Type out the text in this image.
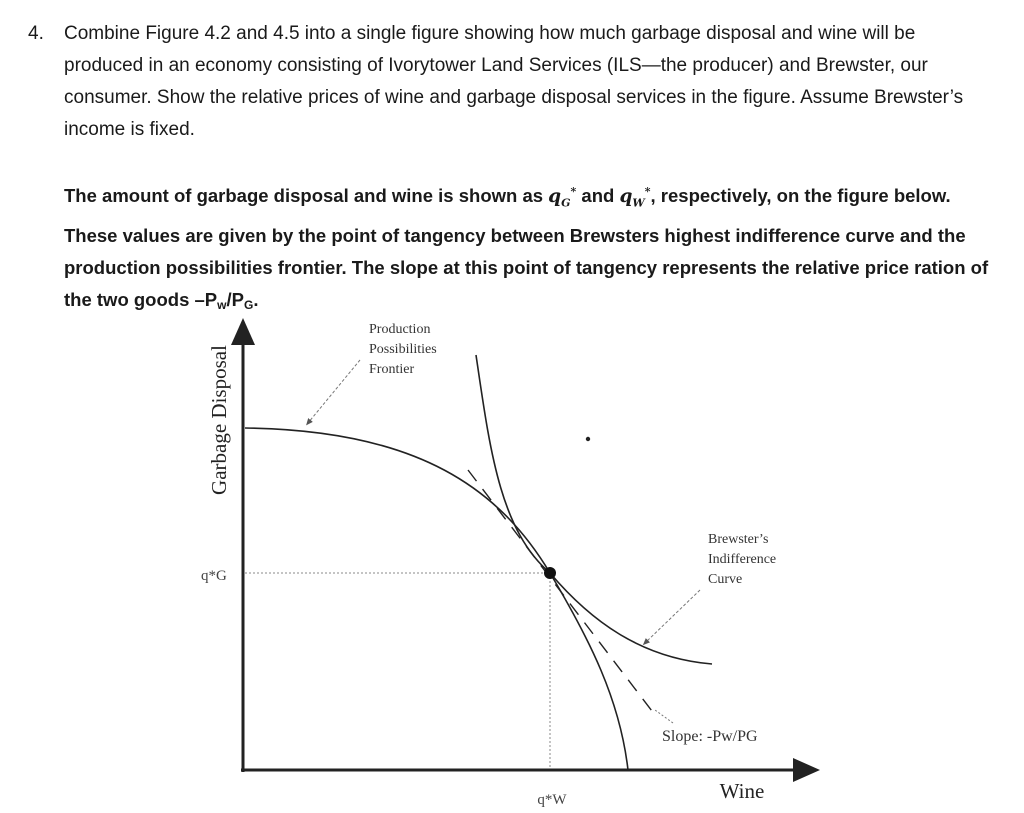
4. Combine Figure 4.2 and 4.5 into a single figure showing how much garbage disposal and wine will be produced in an economy consisting of Ivorytower Land Services (ILS—the producer) and Brewster, our consumer. Show the relative prices of wine and garbage disposal services in the figure. Assume Brewster’s income is fixed.
The amount of garbage disposal and wine is shown as $q_G^*$ and $q_W^*$, respectively, on the figure below. These values are given by the point of tangency between Brewsters highest indifference curve and the production possibilities frontier. The slope at this point of tangency represents the relative price ration of the two goods $-P_w/P_G$.
Garbage Disposal
Wine
q*G
q*W
Production
Possibilities
Frontier
Brewster’s
Indifference
Curve
Slope: -Pw/PG
